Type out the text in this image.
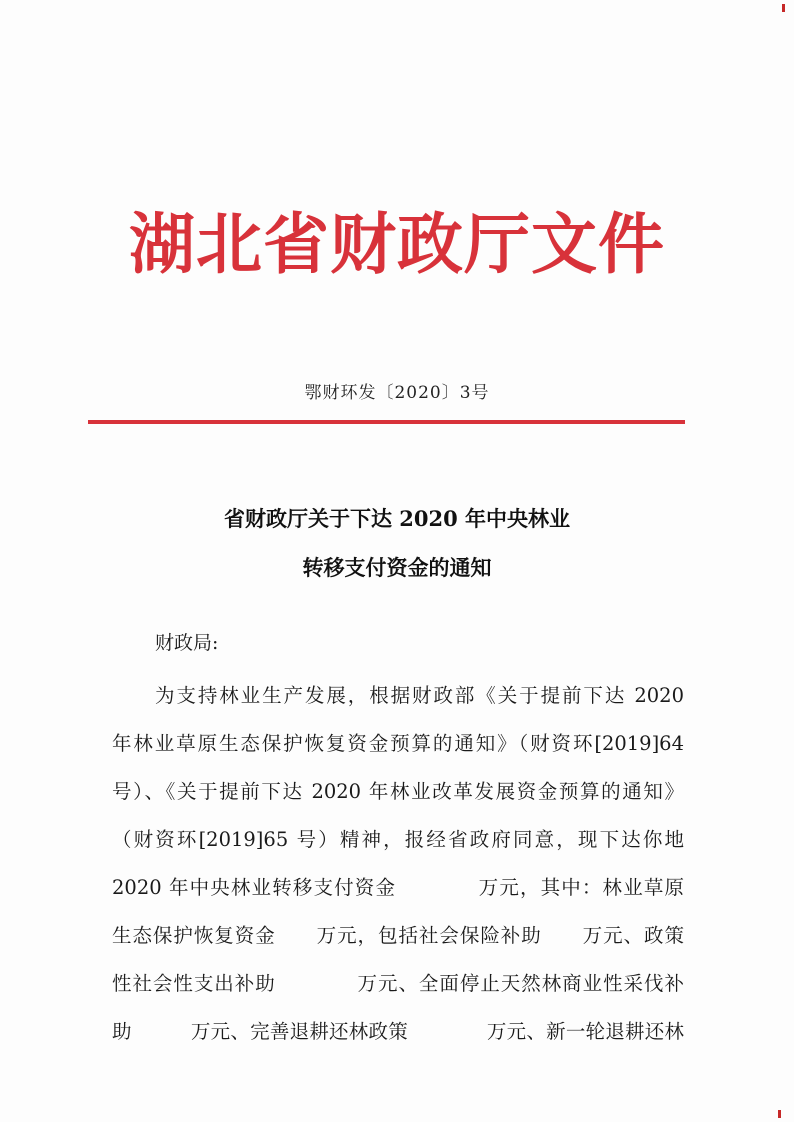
湖北省财政厅文件
鄂财环发〔2020〕3号
省财政厅关于下达 2020 年中央林业
转移支付资金的通知
财政局:
为支持林业生产发展，根据财政部《关于提前下达 2020
年林业草原生态保护恢复资金预算的通知》（财资环[2019]64
号）、《关于提前下达 2020 年林业改革发展资金预算的通知》
（财资环[2019]65 号）精神，报经省政府同意，现下达你地
2020 年中央林业转移支付资金　　　　万元，其中：林业草原
生态保护恢复资金　　万元，包括社会保险补助　　万元、政策
性社会性支出补助　　　　万元、全面停止天然林商业性采伐补
助　　　万元、完善退耕还林政策　　　　万元、新一轮退耕还林
